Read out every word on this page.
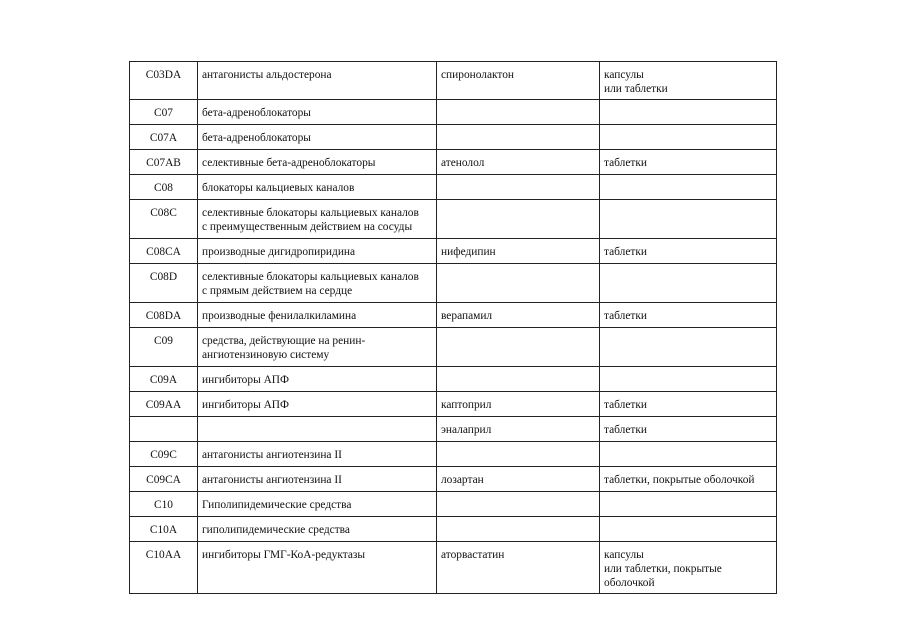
C03DA	антагонисты альдостерона	спиронолактон	капсулы
или таблетки
C07	бета-адреноблокаторы		
C07A	бета-адреноблокаторы		
C07AB	селективные бета-адреноблокаторы	атенолол	таблетки
C08	блокаторы кальциевых каналов		
C08C	селективные блокаторы кальциевых каналов
с преимущественным действием на сосуды		
C08CA	производные дигидропиридина	нифедипин	таблетки
C08D	селективные блокаторы кальциевых каналов
с прямым действием на сердце		
C08DA	производные фенилалкиламина	верапамил	таблетки
C09	средства, действующие на ренин-
ангиотензиновую систему		
C09A	ингибиторы АПФ		
C09AA	ингибиторы АПФ	каптоприл	таблетки
		эналаприл	таблетки
C09C	антагонисты ангиотензина II		
C09CA	антагонисты ангиотензина II	лозартан	таблетки, покрытые оболочкой
C10	Гиполипидемические средства		
C10A	гиполипидемические средства		
C10AA	ингибиторы ГМГ-КоА-редуктазы	аторвастатин	капсулы
или таблетки, покрытые
оболочкой
